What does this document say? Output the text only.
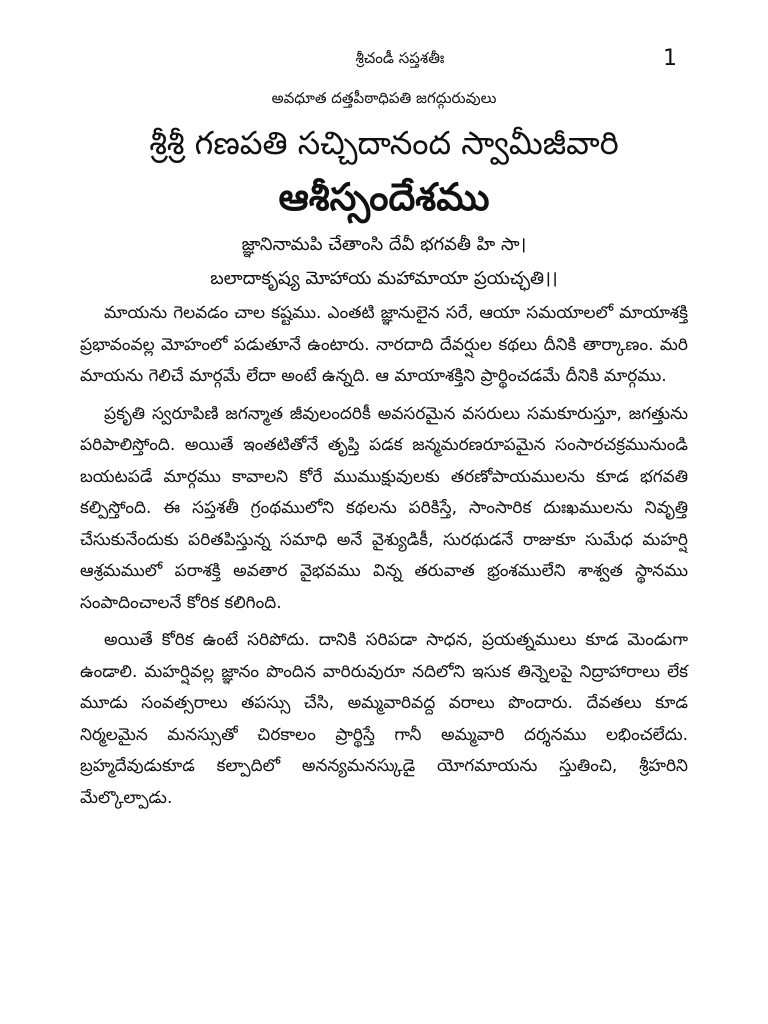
శ్రీచండీ సప్తశతీః	1
అవధూత దత్తపీఠాధిపతి జగద్గురువులు
శ్రీశ్రీ గణపతి సచ్చిదానంద స్వామీజీవారి
ఆశీస్సందేశము
జ్ఞానినామపి చేతాంసి దేవీ భగవతీ హి సా।
బలాదాకృష్య మోహాయ మహామాయా ప్రయచ్ఛతి।।

మాయను గెలవడం చాల కష్టము. ఎంతటి జ్ఞానులైన సరే, ఆయా సమయాలలో మాయాశక్తి ప్రభావంవల్ల మోహంలో పడుతూనే ఉంటారు. నారదాది దేవర్షుల కథలు దీనికి తార్కాణం. మరి మాయను గెలిచే మార్గమే లేదా అంటే ఉన్నది. ఆ మాయాశక్తిని ప్రార్థించడమే దీనికి మార్గము.

ప్రకృతి స్వరూపిణి జగన్మాత జీవులందరికీ అవసరమైన వసరులు సమకూరుస్తూ, జగత్తును పరిపాలిస్తోంది. అయితే ఇంతటితోనే తృప్తి పడక జన్మమరణరూపమైన సంసారచక్రమునుండి బయటపడే మార్గము కావాలని కోరే ముముక్షువులకు తరణోపాయములను కూడ భగవతి కల్పిస్తోంది. ఈ సప్తశతీ గ్రంథములోని కథలను పరికిస్తే, సాంసారిక దుఃఖములను నివృత్తి చేసుకునేందుకు పరితపిస్తున్న సమాధి అనే వైశ్యుడికీ, సురథుడనే రాజుకూ సుమేధ మహర్షి ఆశ్రమములో పరాశక్తి అవతార వైభవము విన్న తరువాత భ్రంశములేని శాశ్వత స్థానము సంపాదించాలనే కోరిక కలిగింది.

అయితే కోరిక ఉంటే సరిపోదు. దానికి సరిపడా సాధన, ప్రయత్నములు కూడ మెండుగా ఉండాలి. మహర్షివల్ల జ్ఞానం పొందిన వారిరువురూ నదిలోని ఇసుక తిన్నెలపై నిద్రాహారాలు లేక మూడు సంవత్సరాలు తపస్సు చేసి, అమ్మవారివద్ద వరాలు పొందారు. దేవతలు కూడ నిర్మలమైన మనస్సుతో చిరకాలం ప్రార్థిస్తే గానీ అమ్మవారి దర్శనము లభించలేదు. బ్రహ్మదేవుడుకూడ కల్పాదిలో అనన్యమనస్కుడై యోగమాయను స్తుతించి, శ్రీహరిని మేల్కొల్పాడు.
